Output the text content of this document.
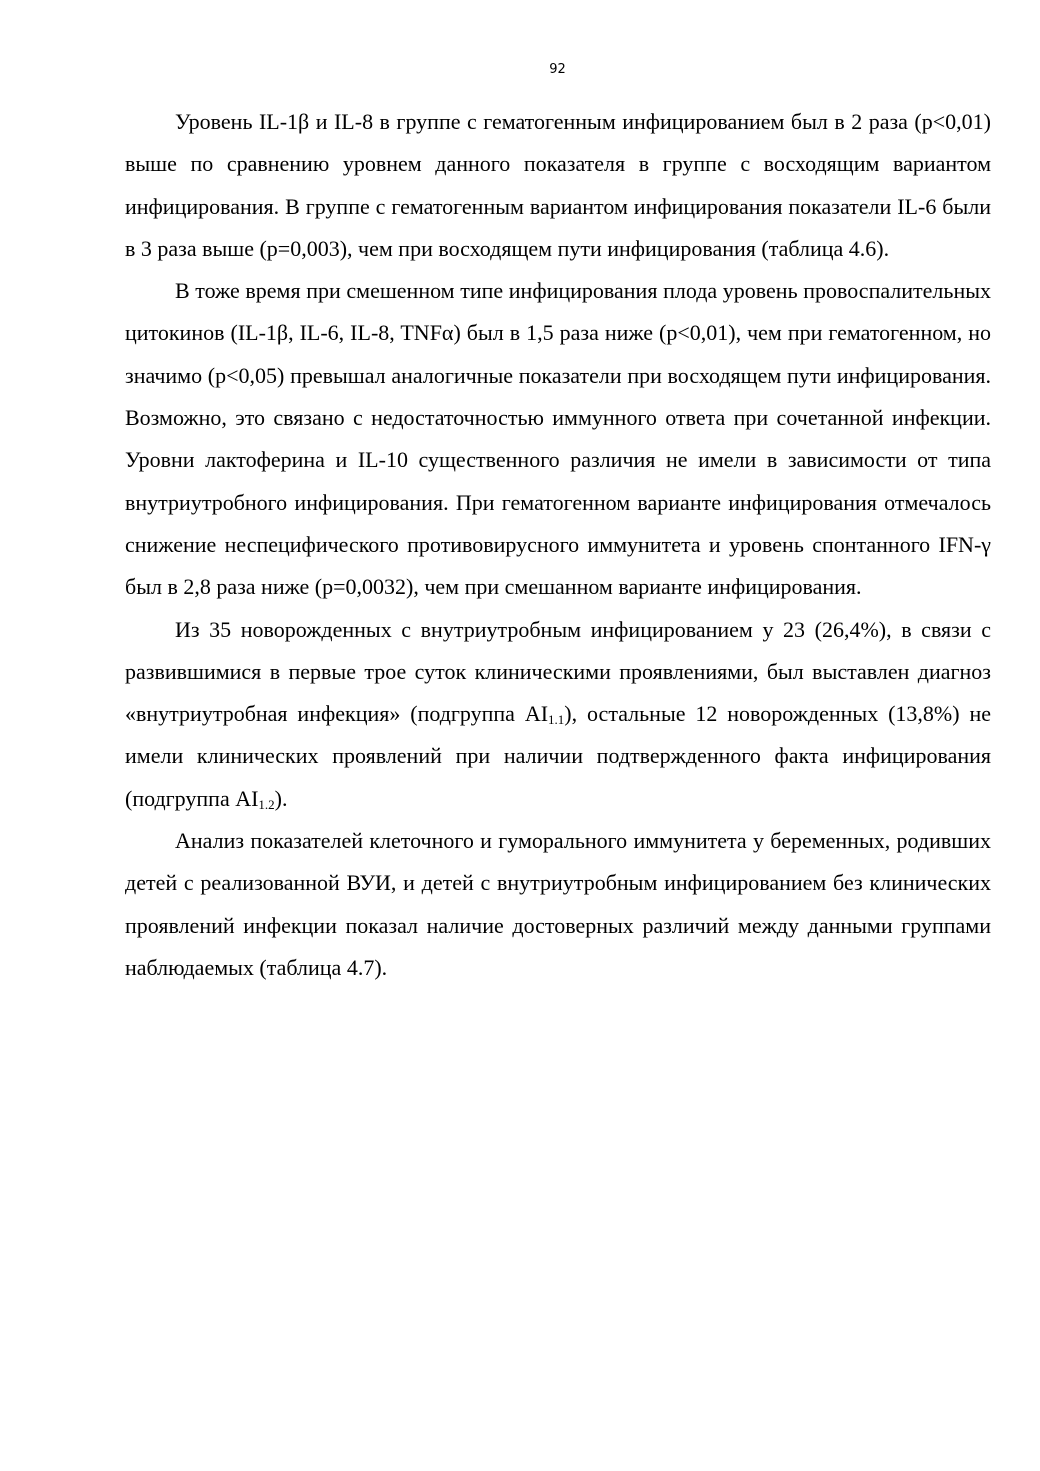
92

Уровень IL-1β и IL-8 в группе с гематогенным инфицированием был в 2 раза (р<0,01) выше по сравнению уровнем данного показателя в группе с восходящим вариантом инфицирования. В группе с гематогенным вариантом инфицирования показатели IL-6 были в 3 раза выше (р=0,003), чем при восходящем пути инфицирования (таблица 4.6).

В тоже время при смешенном типе инфицирования плода уровень провоспалительных цитокинов (IL-1β, IL-6, IL-8, TNFα) был в 1,5 раза ниже (р<0,01), чем при гематогенном, но значимо (р<0,05) превышал аналогичные показатели при восходящем пути инфицирования. Возможно, это связано с недостаточностью иммунного ответа при сочетанной инфекции. Уровни лактоферина и IL-10 существенного различия не имели в зависимости от типа внутриутробного инфицирования. При гематогенном варианте инфицирования отмечалось снижение неспецифического противовирусного иммунитета и уровень спонтанного IFN-γ был в 2,8 раза ниже (р=0,0032), чем при смешанном варианте инфицирования.

Из 35 новорожденных с внутриутробным инфицированием у 23 (26,4%), в связи с развившимися в первые трое суток клиническими проявлениями, был выставлен диагноз «внутриутробная инфекция» (подгруппа $AI_{1.1}$), остальные 12 новорожденных (13,8%) не имели клинических проявлений при наличии подтвержденного факта инфицирования (подгруппа $AI_{1.2}$).

Анализ показателей клеточного и гуморального иммунитета у беременных, родивших детей с реализованной ВУИ, и детей с внутриутробным инфицированием без клинических проявлений инфекции показал наличие достоверных различий между данными группами наблюдаемых (таблица 4.7).
